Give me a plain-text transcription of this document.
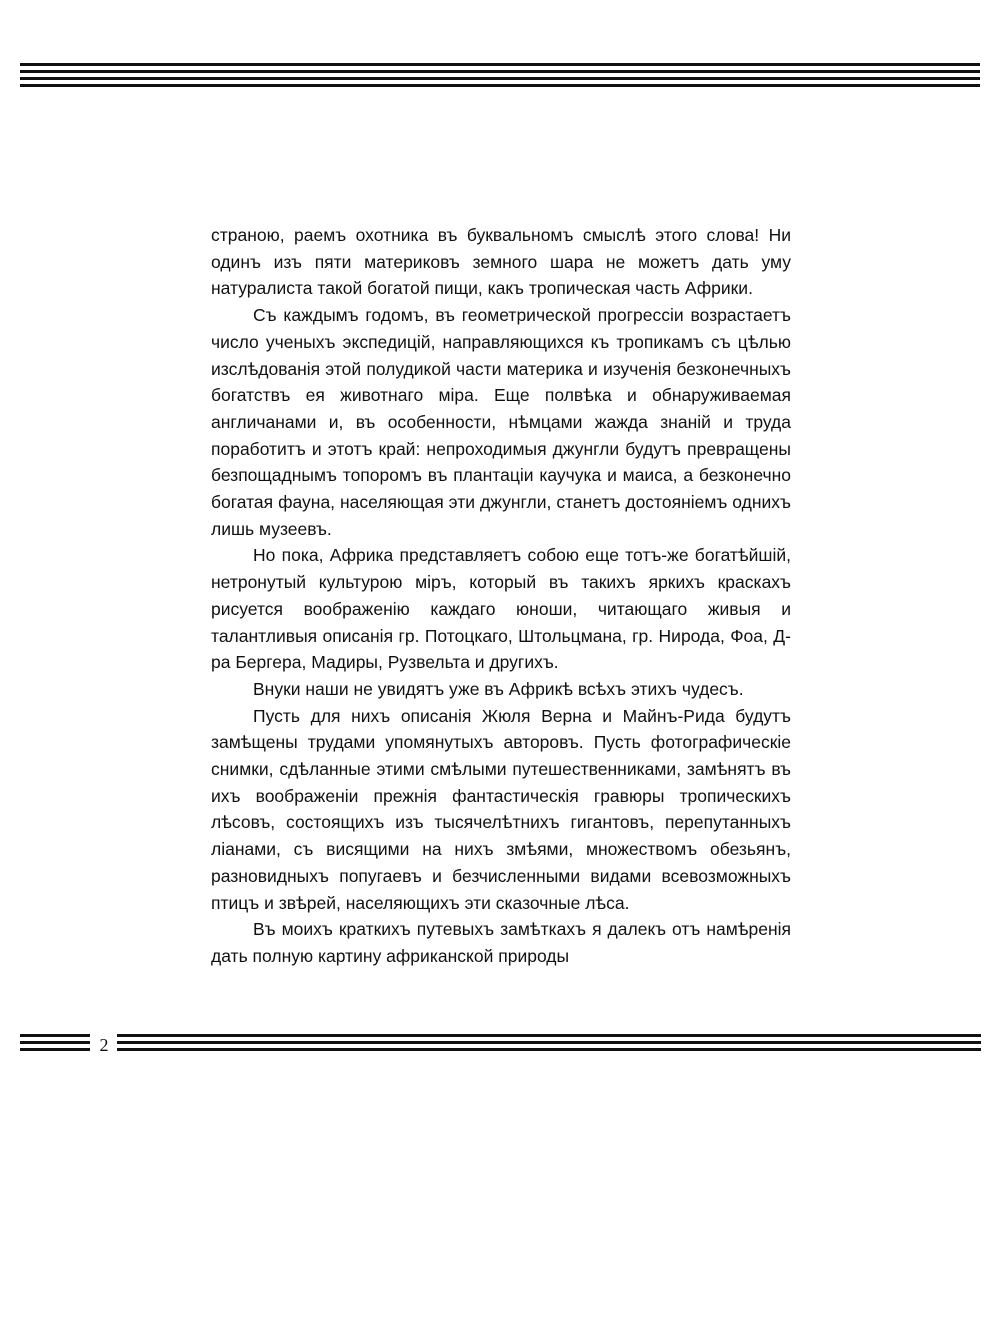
страною, раемъ охотника въ буквальномъ смыслѣ этого слова! Ни одинъ изъ пяти материковъ земного шара не можетъ дать уму натуралиста такой богатой пищи, какъ тропическая часть Африки.

Съ каждымъ годомъ, въ геометрической прогрессіи возрастаетъ число ученыхъ экспедицій, направляющихся къ тропикамъ съ цѣлью изслѣдованія этой полудикой части материка и изученія безконечныхъ богатствъ ея животнаго міра. Еще полвѣка и обнаруживаемая англичанами и, въ особенности, нѣмцами жажда знаній и труда поработитъ и этотъ край: непроходимыя джунгли будутъ превращены безпощаднымъ топоромъ въ плантаціи каучука и маиса, а безконечно богатая фауна, населяющая эти джунгли, станетъ достояніемъ однихъ лишь музеевъ.

Но пока, Африка представляетъ собою еще тотъ-же богатѣйшій, нетронутый культурою міръ, который въ такихъ яркихъ краскахъ рисуется воображенію каждаго юноши, читающаго живыя и талантливыя описанія гр. Потоцкаго, Штольцмана, гр. Нирода, Фоа, Д-ра Бергера, Мадиры, Рузвельта и другихъ.

Внуки наши не увидятъ уже въ Африкѣ всѣхъ этихъ чудесъ.

Пусть для нихъ описанія Жюля Верна и Майнъ-Рида будутъ замѣщены трудами упомянутыхъ авторовъ. Пусть фотографическіе снимки, сдѣланные этими смѣлыми путешественниками, замѣнятъ въ ихъ воображеніи прежнія фантастическія гравюры тропическихъ лѣсовъ, состоящихъ изъ тысячелѣтнихъ гигантовъ, перепутанныхъ ліанами, съ висящими на нихъ змѣями, множествомъ обезьянъ, разновидныхъ попугаевъ и безчисленными видами всевозможныхъ птицъ и звѣрей, населяющихъ эти сказочные лѣса.

Въ моихъ краткихъ путевыхъ замѣткахъ я далекъ отъ намѣренія дать полную картину африканской природы

2
